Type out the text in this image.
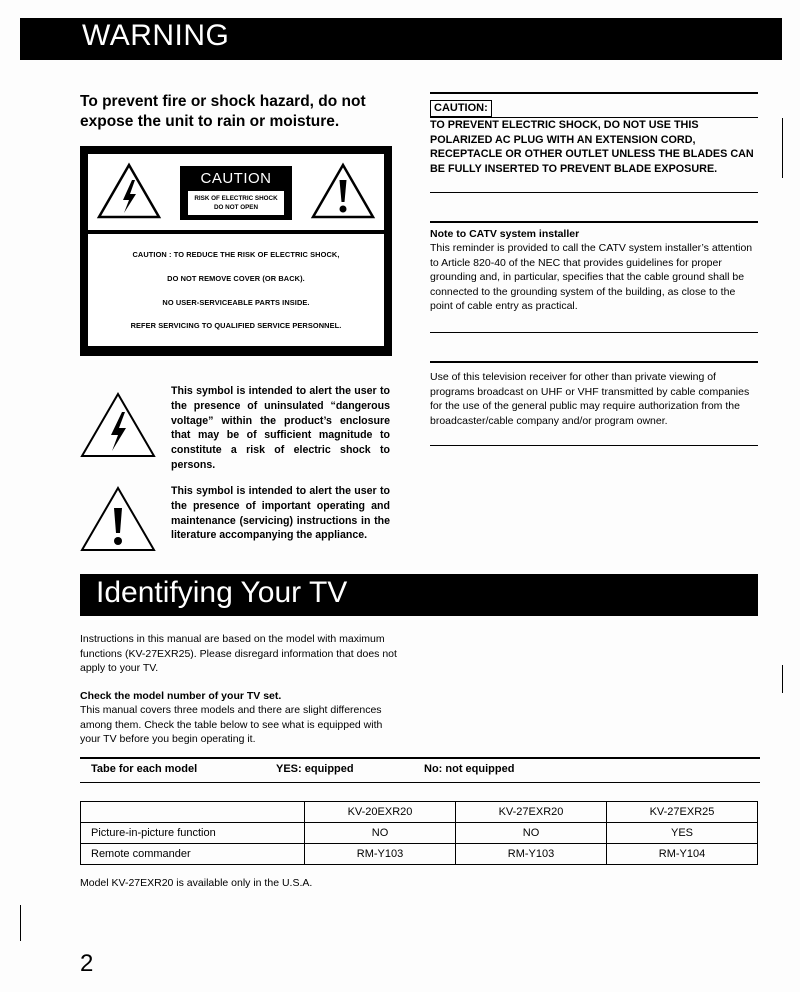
WARNING
To prevent fire or shock hazard, do not expose the unit to rain or moisture.
CAUTION
RISK OF ELECTRIC SHOCK
DO NOT OPEN
CAUTION : TO REDUCE THE RISK OF ELECTRIC SHOCK,
DO NOT REMOVE COVER (OR BACK).
NO USER-SERVICEABLE PARTS INSIDE.
REFER SERVICING TO QUALIFIED SERVICE PERSONNEL.
This symbol is intended to alert the user to the presence of uninsulated “dangerous voltage” within the product’s enclosure that may be of sufficient magnitude to constitute a risk of electric shock to persons.
This symbol is intended to alert the user to the presence of important operating and maintenance (servicing) instructions in the literature accompanying the appliance.
CAUTION:
TO PREVENT ELECTRIC SHOCK, DO NOT USE THIS POLARIZED AC PLUG WITH AN EXTENSION CORD, RECEPTACLE OR OTHER OUTLET UNLESS THE BLADES CAN BE FULLY INSERTED TO PREVENT BLADE EXPOSURE.
Note to CATV system installer
This reminder is provided to call the CATV system installer’s attention to Article 820-40 of the NEC that provides guidelines for proper grounding and, in particular, specifies that the cable ground shall be connected to the grounding system of the building, as close to the point of cable entry as practical.
Use of this television receiver for other than private viewing of programs broadcast on UHF or VHF transmitted by cable companies for the use of the general public may require authorization from the broadcaster/cable company and/or program owner.
Identifying Your TV
Instructions in this manual are based on the model with maximum functions (KV-27EXR25). Please disregard information that does not apply to your TV.
Check the model number of your TV set.
This manual covers three models and there are slight differences among them. Check the table below to see what is equipped with your TV before you begin operating it.
Tabe for each model	YES: equipped	No: not equipped
	KV-20EXR20	KV-27EXR20	KV-27EXR25
Picture-in-picture function	NO	NO	YES
Remote commander	RM-Y103	RM-Y103	RM-Y104
Model KV-27EXR20 is available only in the U.S.A.
2
